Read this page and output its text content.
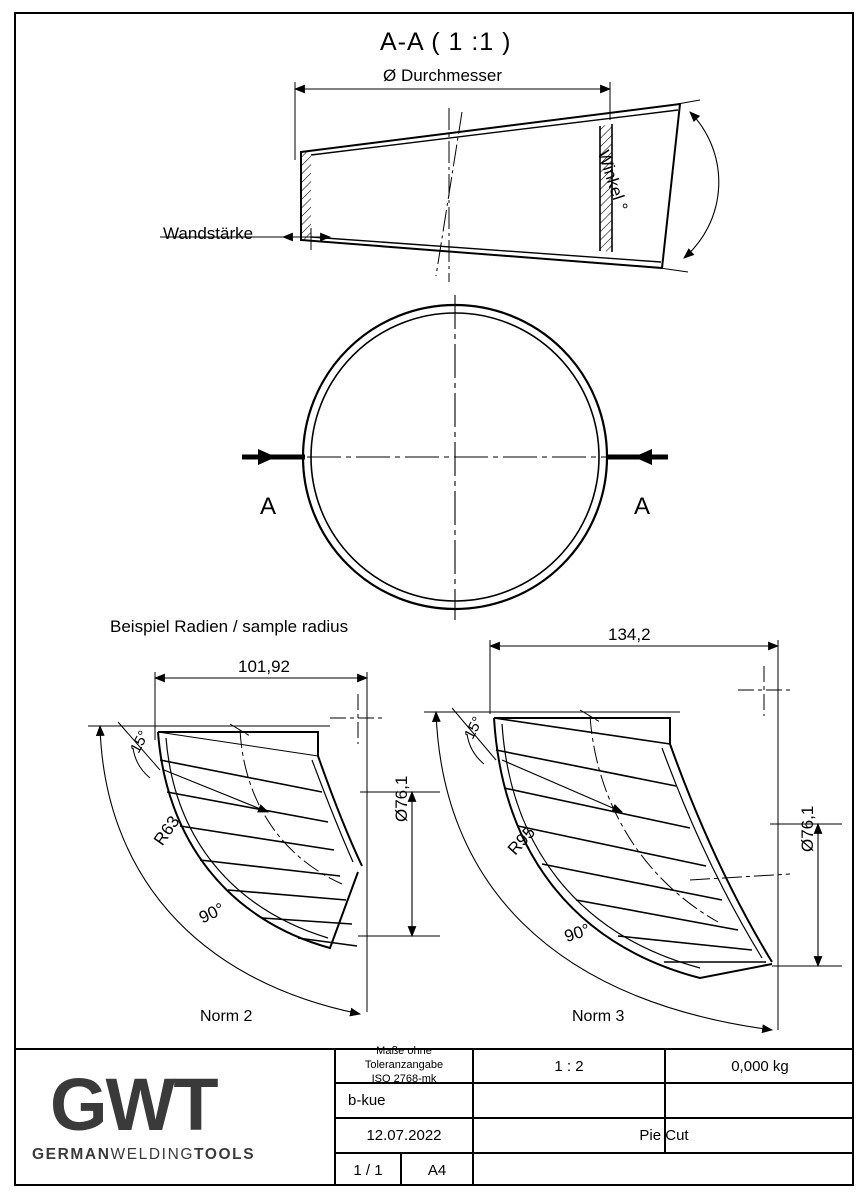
A-A ( 1 :1 )
Ø Durchmesser
Wandstärke
Winkel °
A	A
Beispiel Radien / sample radius
101,92
15°
R63
90°
Ø76,1
Norm 2
134,2
15°
R95
90°
Ø76,1
Norm 3
Maße ohne Toleranzangabe
ISO 2768-mk
1 : 2	0,000 kg
b-kue
12.07.2022	Pie Cut
1 / 1	A4
GWT
GERMANWELDINGTOOLS
